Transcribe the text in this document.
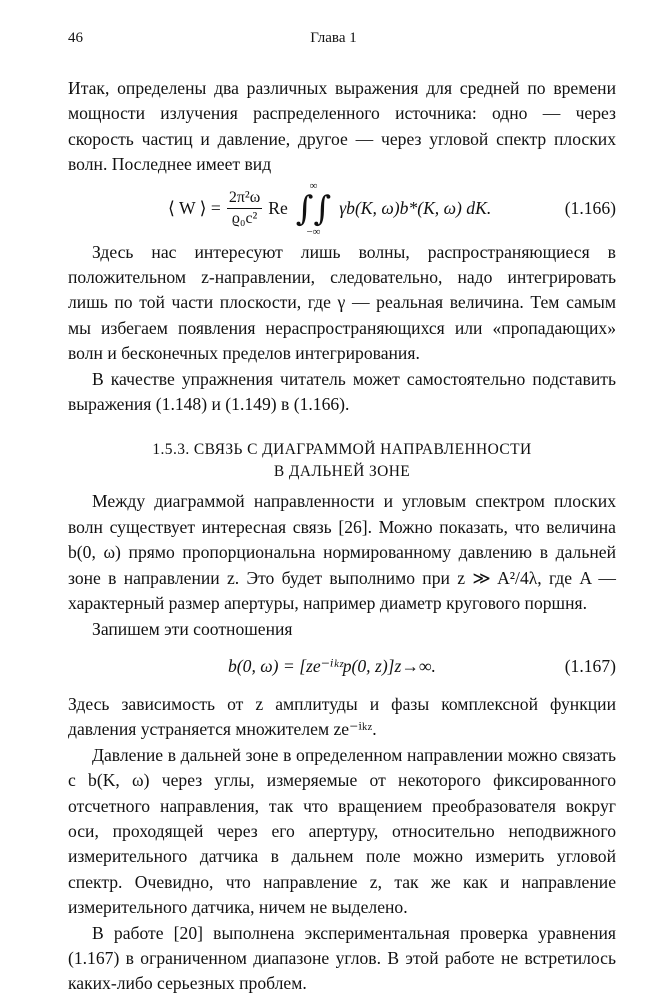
46	Глава 1

Итак, определены два различных выражения для средней по времени мощности излучения распределенного источника: одно — через скорость частиц и давление, другое — через угловой спектр плоских волн. Последнее имеет вид

⟨ W ⟩ = $\frac{\text{2π²ω}}{\text{ϱ₀c²}}$ Re
∞
∫∫
−∞
γb(K, ω)b*(K, ω) dK.	(1.166)

Здесь нас интересуют лишь волны, распространяющиеся в положительном z-направлении, следовательно, надо интегрировать лишь по той части плоскости, где γ — реальная величина. Тем самым мы избегаем появления нераспространяющихся или «пропадающих» волн и бесконечных пределов интегрирования.

В качестве упражнения читатель может самостоятельно подставить выражения (1.148) и (1.149) в (1.166).

1.5.3. СВЯЗЬ С ДИАГРАММОЙ НАПРАВЛЕННОСТИ
В ДАЛЬНЕЙ ЗОНЕ

Между диаграммой направленности и угловым спектром плоских волн существует интересная связь [26]. Можно показать, что величина b(0, ω) прямо пропорциональна нормированному давлению в дальней зоне в направлении z. Это будет выполнимо при z ≫ A²/4λ, где A — характерный размер апертуры, например диаметр кругового поршня.

Запишем эти соотношения

b(0, ω) = [ze⁻ⁱᵏᶻp(0, z)]z→∞.	(1.167)

Здесь зависимость от z амплитуды и фазы комплексной функции давления устраняется множителем ze⁻ⁱᵏᶻ.

Давление в дальней зоне в определенном направлении можно связать с b(K, ω) через углы, измеряемые от некоторого фиксированного отсчетного направления, так что вращением преобразователя вокруг оси, проходящей через его апертуру, относительно неподвижного измерительного датчика в дальнем поле можно измерить угловой спектр. Очевидно, что направление z, так же как и направление измерительного датчика, ничем не выделено.

В работе [20] выполнена экспериментальная проверка уравнения (1.167) в ограниченном диапазоне углов. В этой работе не встретилось каких-либо серьезных проблем.
